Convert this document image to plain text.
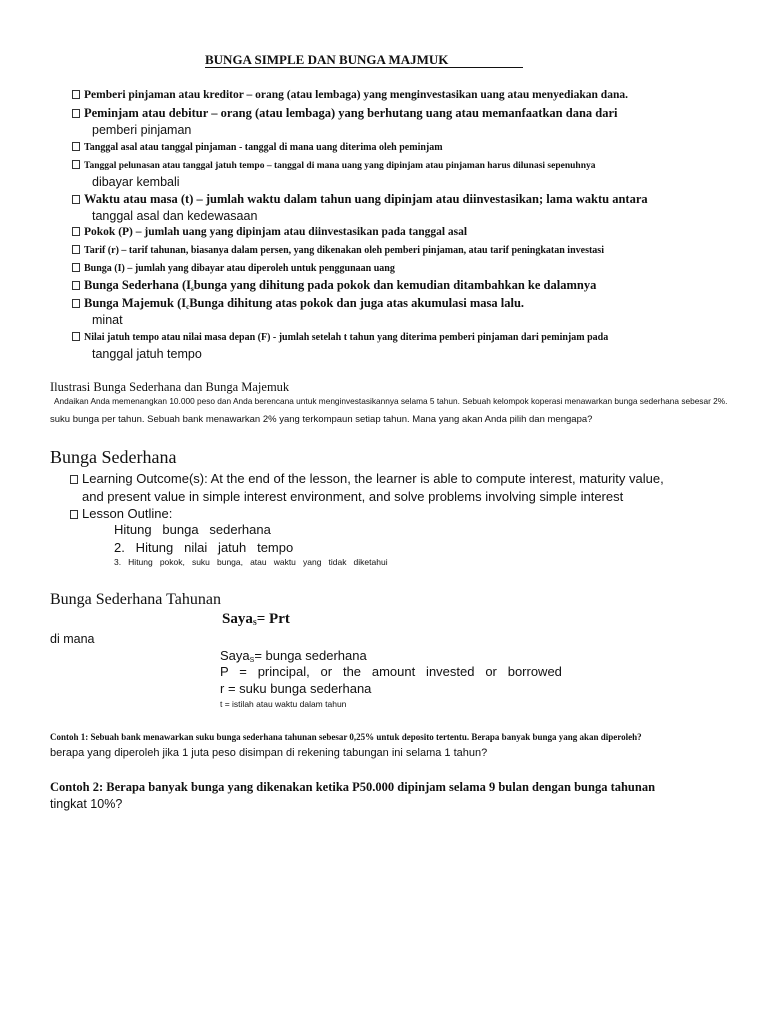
BUNGA SIMPLE DAN BUNGA MAJMUK
Pemberi pinjaman atau kreditor – orang (atau lembaga) yang menginvestasikan uang atau menyediakan dana.
Peminjam atau debitur – orang (atau lembaga) yang berhutang uang atau memanfaatkan dana dari
pemberi pinjaman
Tanggal asal atau tanggal pinjaman - tanggal di mana uang diterima oleh peminjam
Tanggal pelunasan atau tanggal jatuh tempo – tanggal di mana uang yang dipinjam atau pinjaman harus dilunasi sepenuhnya
dibayar kembali
Waktu atau masa (t) – jumlah waktu dalam tahun uang dipinjam atau diinvestasikan; lama waktu antara
tanggal asal dan kedewasaan
Pokok (P) – jumlah uang yang dipinjam atau diinvestasikan pada tanggal asal
Tarif (r) – tarif tahunan, biasanya dalam persen, yang dikenakan oleh pemberi pinjaman, atau tarif peningkatan investasi
Bunga (I) – jumlah yang dibayar atau diperoleh untuk penggunaan uang
Bunga Sederhana ($I_sbunga$ yang dihitung pada pokok dan kemudian ditambahkan ke dalamnya
Bunga Majemuk ($I_cBunga$ dihitung atas pokok dan juga atas akumulasi masa lalu.
minat
Nilai jatuh tempo atau nilai masa depan (F) - jumlah setelah t tahun yang diterima pemberi pinjaman dari peminjam pada
tanggal jatuh tempo
Ilustrasi Bunga Sederhana dan Bunga Majemuk
Andaikan Anda memenangkan 10.000 peso dan Anda berencana untuk menginvestasikannya selama 5 tahun. Sebuah kelompok koperasi menawarkan bunga sederhana sebesar 2%.
suku bunga per tahun. Sebuah bank menawarkan 2% yang terkompaun setiap tahun. Mana yang akan Anda pilih dan mengapa?
Bunga Sederhana
Learning Outcome(s): At the end of the lesson, the learner is able to compute interest, maturity value,
and present value in simple interest environment, and solve problems involving simple interest
Lesson Outline:
Hitung   bunga   sederhana
2.   Hitung   nilai   jatuh   tempo
3.   Hitung   pokok,   suku   bunga,   atau   waktu   yang   tidak   diketahui
Bunga Sederhana Tahunan
Saya$_S$= Prt
di mana
Saya$_S$= bunga sederhana
P   =   principal,   or   the   amount   invested   or   borrowed
r = suku bunga sederhana
t = istilah atau waktu dalam tahun
Contoh 1: Sebuah bank menawarkan suku bunga sederhana tahunan sebesar 0,25% untuk deposito tertentu. Berapa banyak bunga yang akan diperoleh?
berapa yang diperoleh jika 1 juta peso disimpan di rekening tabungan ini selama 1 tahun?
Contoh 2: Berapa banyak bunga yang dikenakan ketika P50.000 dipinjam selama 9 bulan dengan bunga tahunan
tingkat 10%?
